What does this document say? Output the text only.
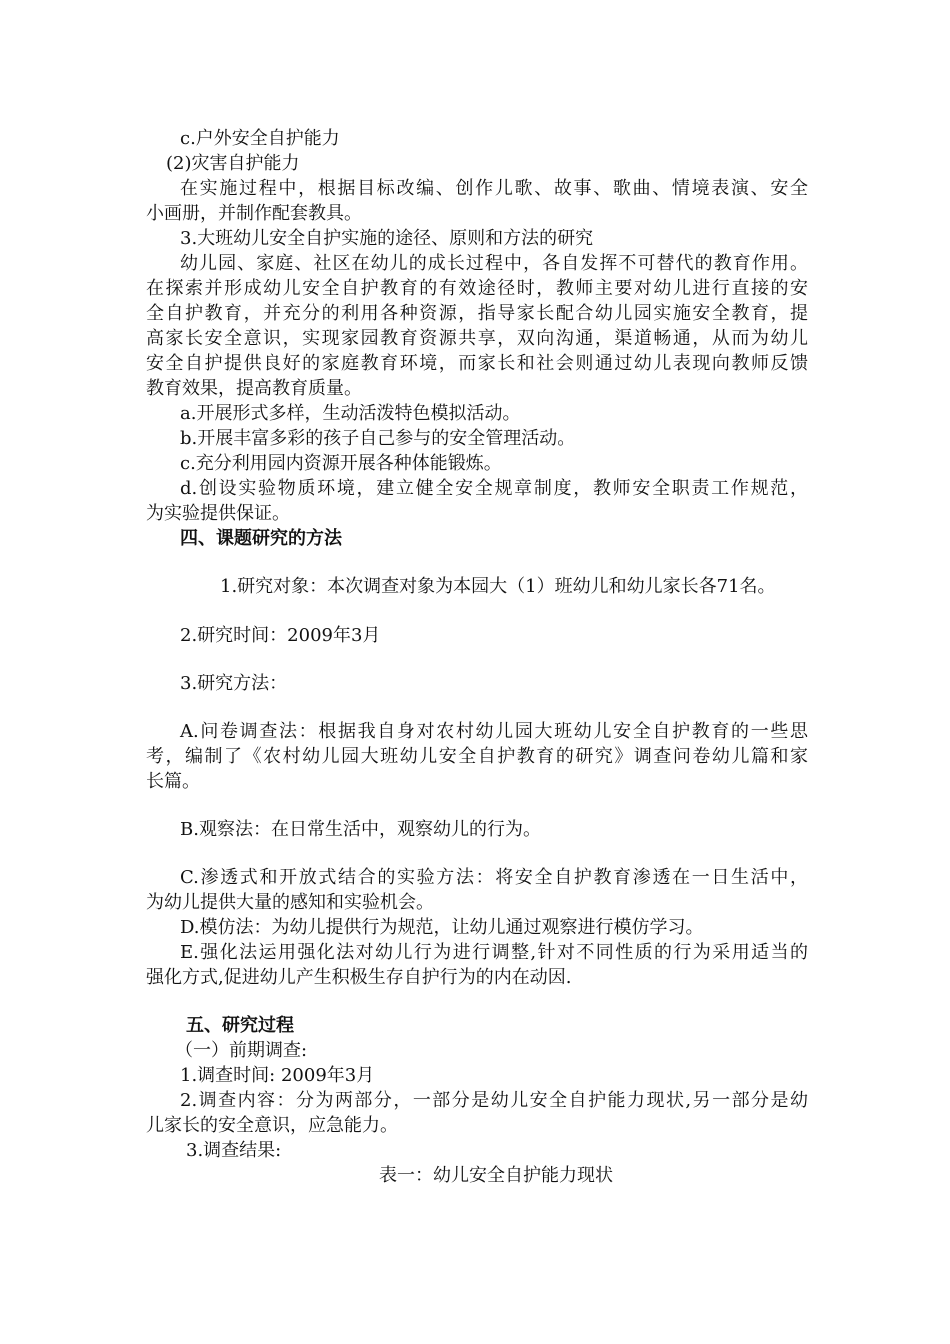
c.户外安全自护能力
(2)灾害自护能力
在实施过程中，根据目标改编、创作儿歌、故事、歌曲、情境表演、安全
小画册，并制作配套教具。
3.大班幼儿安全自护实施的途径、原则和方法的研究
幼儿园、家庭、社区在幼儿的成长过程中，各自发挥不可替代的教育作用。
在探索并形成幼儿安全自护教育的有效途径时，教师主要对幼儿进行直接的安
全自护教育，并充分的利用各种资源，指导家长配合幼儿园实施安全教育，提
高家长安全意识，实现家园教育资源共享，双向沟通，渠道畅通，从而为幼儿
安全自护提供良好的家庭教育环境，而家长和社会则通过幼儿表现向教师反馈
教育效果，提高教育质量。
a.开展形式多样，生动活泼特色模拟活动。
b.开展丰富多彩的孩子自己参与的安全管理活动。
c.充分利用园内资源开展各种体能锻炼。
d.创设实验物质环境，建立健全安全规章制度，教师安全职责工作规范，
为实验提供保证。
四、课题研究的方法
1.研究对象：本次调查对象为本园大（1）班幼儿和幼儿家长各71名。
2.研究时间：2009年3月
3.研究方法：
A.问卷调查法：根据我自身对农村幼儿园大班幼儿安全自护教育的一些思
考，编制了《农村幼儿园大班幼儿安全自护教育的研究》调查问卷幼儿篇和家
长篇。
B.观察法：在日常生活中，观察幼儿的行为。
C.渗透式和开放式结合的实验方法：将安全自护教育渗透在一日生活中，
为幼儿提供大量的感知和实验机会。
D.模仿法：为幼儿提供行为规范，让幼儿通过观察进行模仿学习。
E.强化法运用强化法对幼儿行为进行调整,针对不同性质的行为采用适当的
强化方式,促进幼儿产生积极生存自护行为的内在动因.
五、研究过程
（一）前期调查:
1.调查时间: 2009年3月
2.调查内容：分为两部分，一部分是幼儿安全自护能力现状,另一部分是幼
儿家长的安全意识，应急能力。
3.调查结果:
表一：幼儿安全自护能力现状
